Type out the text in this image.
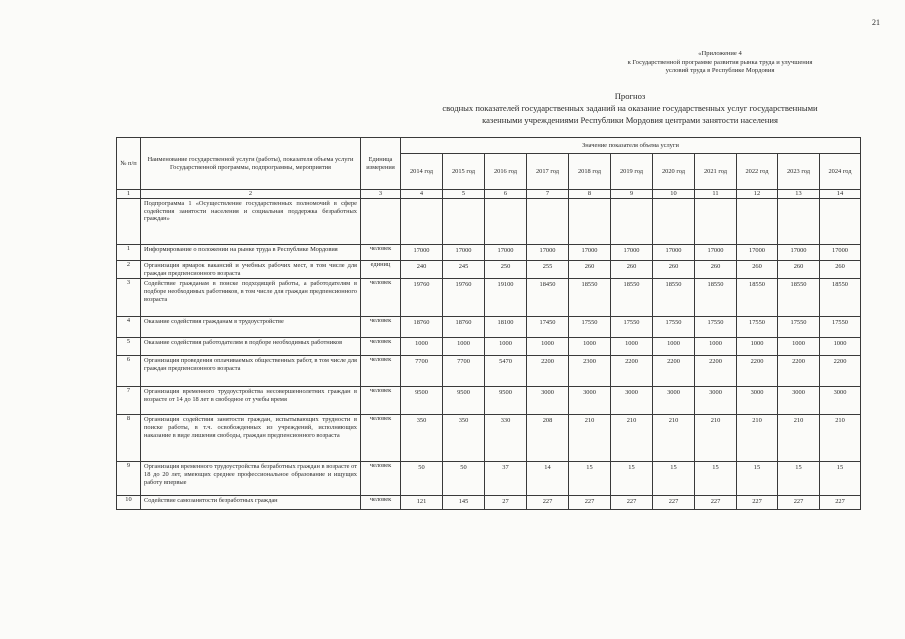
21
«Приложение 4
к Государственной программе развития рынка труда и улучшения
условий труда в Республике Мордовия
Прогноз
сводных показателей государственных заданий на оказание государственных услуг государственными
казенными учреждениями Республики Мордовия центрами занятости населения
№ п/п	Наименование государственной услуги (работы), показателя объема услуги Государственной программы, подпрограммы, мероприятия	Единица измерения	Значение показателя объема услуги											
			2014 год	2015 год	2016 год	2017 год	2018 год	2019 год	2020 год	2021 год	2022 год	2023 год	2024 год	
1	2	3	4	5	6	7	8	9	10	11	12	13	14	
	Подпрограмма 1 «Осуществление государственных полномочий в сфере содействия занятости населения и социальная поддержка безработных граждан»													
1	Информирование о положении на рынке труда в Республике Мордовия	человек	17000	17000	17000	17000	17000	17000	17000	17000	17000	17000	17000	
2	Организация ярмарок вакансий и учебных рабочих мест, в том числе для граждан предпенсионного возраста	единиц	240	245	250	255	260	260	260	260	260	260	260	
3	Содействие гражданам в поиске подходящей работы, а работодателям в подборе необходимых работников, в том числе для граждан предпенсионного возраста	человек	19760	19760	19100	18450	18550	18550	18550	18550	18550	18550	18550	
4	Оказание содействия гражданам в трудоустройстве	человек	18760	18760	18100	17450	17550	17550	17550	17550	17550	17550	17550	
5	Оказание содействия работодателям в подборе необходимых работников	человек	1000	1000	1000	1000	1000	1000	1000	1000	1000	1000	1000	
6	Организация проведения оплачиваемых общественных работ, в том числе для граждан предпенсионного возраста	человек	7700	7700	5470	2200	2300	2200	2200	2200	2200	2200	2200	
7	Организация временного трудоустройства несовершеннолетних граждан в возрасте от 14 до 18 лет в свободное от учебы время	человек	9500	9500	9500	3000	3000	3000	3000	3000	3000	3000	3000	
8	Организация содействия занятости граждан, испытывающих трудности в поиске работы, в т.ч. освобожденных из учреждений, исполняющих наказание в виде лишения свободы, граждан предпенсионного возраста	человек	350	350	330	208	210	210	210	210	210	210	210	
9	Организация временного трудоустройства безработных граждан в возрасте от 18 до 20 лет, имеющих среднее профессиональное образование и ищущих работу впервые	человек	50	50	37	14	15	15	15	15	15	15	15	
10	Содействие самозанятости безработных граждан	человек	121	145	27	227	227	227	227	227	227	227	227	
